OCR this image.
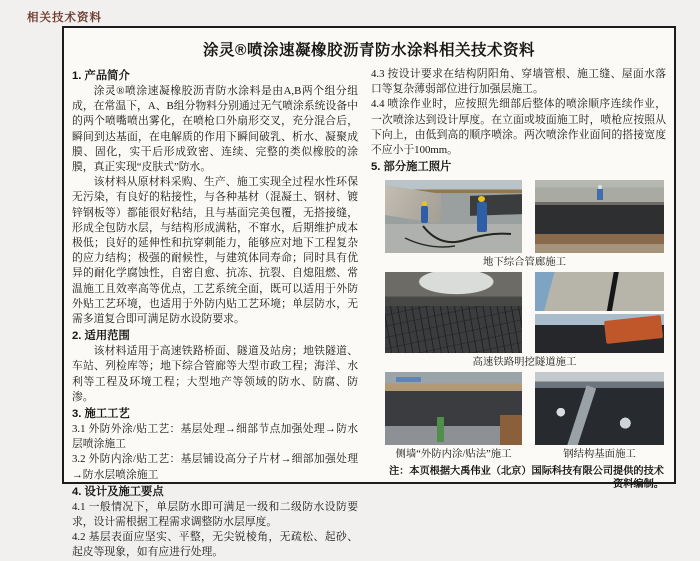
相关技术资料
涂灵®喷涂速凝橡胶沥青防水涂料相关技术资料
1. 产品简介
涂灵®喷涂速凝橡胶沥青防水涂料是由A,B两个组分组成，在常温下，A、B组分物料分别通过无气喷涂系统设备中的两个喷嘴喷出雾化，在喷枪口外扇形交叉，充分混合后，瞬间到达基面，在电解质的作用下瞬间破乳、析水、凝聚成膜、固化，实干后形成致密、连续、完整的类似橡胶的涂膜，真正实现“皮肤式”防水。
该材料从原材料采购、生产、施工实现全过程水性环保无污染，有良好的粘接性，与各种基材（混凝土、钢材、镀锌钢板等）都能很好粘结，且与基面完美包覆，无搭接缝，形成全包防水层，与结构形成满粘，不窜水，后期维护成本极低；良好的延伸性和抗穿刺能力，能够应对地下工程复杂的应力结构；极强的耐候性，与建筑体同寿命；同时具有优异的耐化学腐蚀性，自密自愈、抗冻、抗裂、自熄阻燃、常温施工且效率高等优点，工艺系统全面，既可以适用于外防外贴工艺环境，也适用于外防内贴工艺环境；单层防水，无需多道复合即可满足防水设防要求。
2. 适用范围
该材料适用于高速铁路桥面、隧道及站房；地铁隧道、车站、列检库等；地下综合管廊等大型市政工程；海洋、水利等工程及环境工程；大型地产等领域的防水、防腐、防渗。
3. 施工工艺
3.1 外防外涂/贴工艺：基层处理→细部节点加强处理→防水层喷涂施工
3.2 外防内涂/贴工艺：基层铺设高分子片材→细部加强处理→防水层喷涂施工
4. 设计及施工要点
4.1 一般情况下，单层防水即可满足一级和二级防水设防要求，设计需根据工程需求调整防水层厚度。
4.2 基层表面应坚实、平整，无尖锐棱角，无疏松、起砂、起皮等现象，如有应进行处理。
4.3 按设计要求在结构阴阳角、穿墙管根、施工缝、屋面水落口等复杂薄弱部位进行加强层施工。
4.4 喷涂作业时，应按照先细部后整体的喷涂顺序连续作业，一次喷涂达到设计厚度。在立面或坡面施工时，喷枪应按照从下向上，由低到高的顺序喷涂。两次喷涂作业面间的搭接宽度不应小于100mm。
5. 部分施工照片
地下综合管廊施工
高速铁路明挖隧道施工
侧墙“外防内涂/贴法”施工	钢结构基面施工
注：本页根据大禹伟业（北京）国际科技有限公司提供的技术资料编制。
